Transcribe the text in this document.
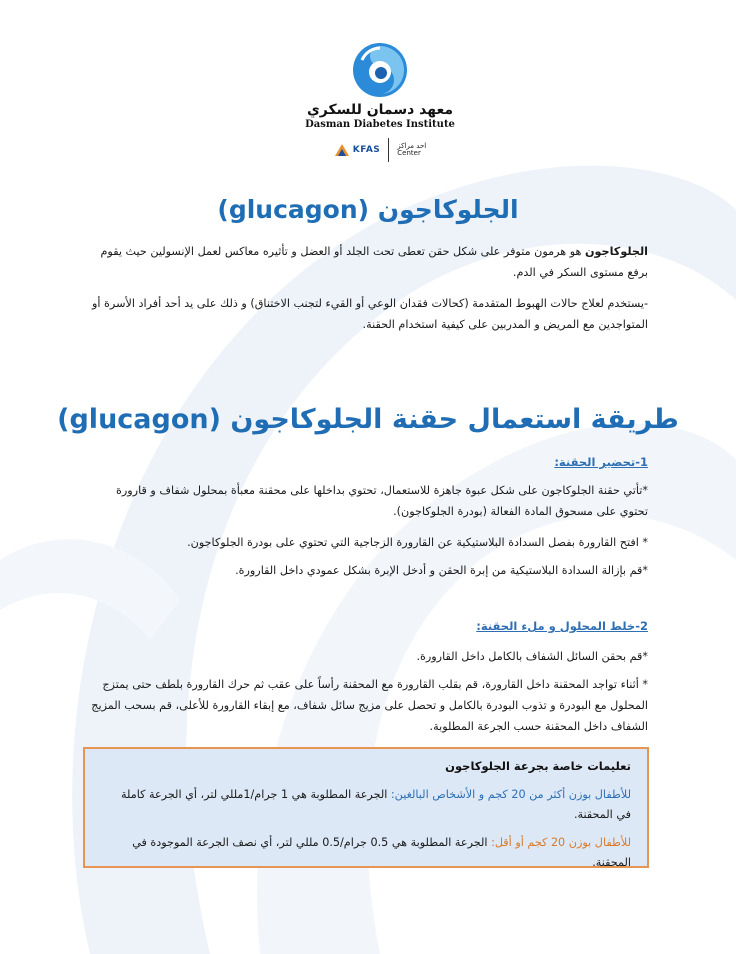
معهد دسمان للسكري
Dasman Diabetes Institute
KFAS احد مراكز
Center
الجلوكاجون (glucagon)
الجلوكاجون هو هرمون متوفر على شكل حقن تعطى تحت الجلد أو العضل و تأثيره معاكس لعمل الإنسولين حيث يقوم برفع مستوى السكر في الدم.
-يستخدم لعلاج حالات الهبوط المتقدمة (كحالات فقدان الوعي أو القيء لتجنب الاختناق) و ذلك على يد أحد أفراد الأسرة أو المتواجدين مع المريض و المدربين على كيفية استخدام الحقنة.
طريقة استعمال حقنة الجلوكاجون (glucagon)
1-تحضير الحقنة:
*تأتي حقنة الجلوكاجون على شكل عبوة جاهزة للاستعمال، تحتوي بداخلها على محقنة معبأة بمحلول شفاف و قارورة تحتوي على مسحوق المادة الفعالة (بودرة الجلوكاجون).
* افتح القارورة بفصل السدادة البلاستيكية عن القارورة الزجاجية التي تحتوي على بودرة الجلوكاجون.
*قم بإزالة السدادة البلاستيكية من إبرة الحقن و أدخل الإبرة بشكل عمودي داخل القارورة.
2-خلط المحلول و ملء الحقنة:
*قم بحقن السائل الشفاف بالكامل داخل القارورة.
* أثناء تواجد المحقنة داخل القارورة، قم بقلب القارورة مع المحقنة رأساً على عقب ثم حرك القارورة بلطف حتى يمتزج المحلول مع البودرة و تذوب البودرة بالكامل و تحصل على مزيج سائل شفاف، مع إبقاء القارورة للأعلى، قم بسحب المزيج الشفاف داخل المحقنة حسب الجرعة المطلوبة.
تعليمات خاصة بجرعة الجلوكاجون
للأطفال بوزن أكثر من 20 كجم و الأشخاص البالغين: الجرعة المطلوبة هي 1 جرام/1مللي لتر، أي الجرعة كاملة في المحقنة.
للأطفال بوزن 20 كجم أو أقل: الجرعة المطلوبة هي 0.5 جرام/0.5 مللي لتر، أي نصف الجرعة الموجودة في المحقنة.
